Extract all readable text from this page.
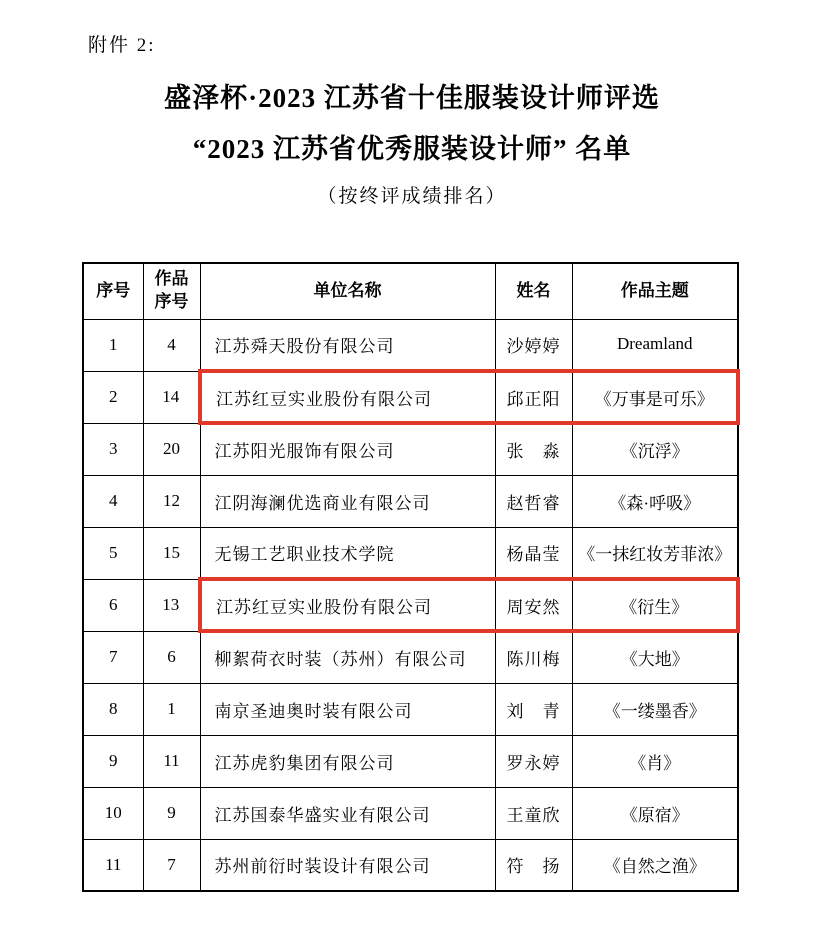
附件 2:
盛泽杯·2023 江苏省十佳服装设计师评选
“2023 江苏省优秀服装设计师” 名单
（按终评成绩排名）
序号	作品序号	单位名称	姓名	作品主题
1	4	江苏舜天股份有限公司	沙婷婷	Dreamland
2	14	江苏红豆实业股份有限公司	邱正阳	《万事是可乐》
3	20	江苏阳光服饰有限公司	张　淼	《沉浮》
4	12	江阴海澜优选商业有限公司	赵哲睿	《森·呼吸》
5	15	无锡工艺职业技术学院	杨晶莹	《一抹红妆芳菲浓》
6	13	江苏红豆实业股份有限公司	周安然	《衍生》
7	6	柳絮荷衣时装（苏州）有限公司	陈川梅	《大地》
8	1	南京圣迪奥时装有限公司	刘　青	《一缕墨香》
9	11	江苏虎豹集团有限公司	罗永婷	《肖》
10	9	江苏国泰华盛实业有限公司	王童欣	《原宿》
11	7	苏州前衍时装设计有限公司	符　扬	《自然之渔》
